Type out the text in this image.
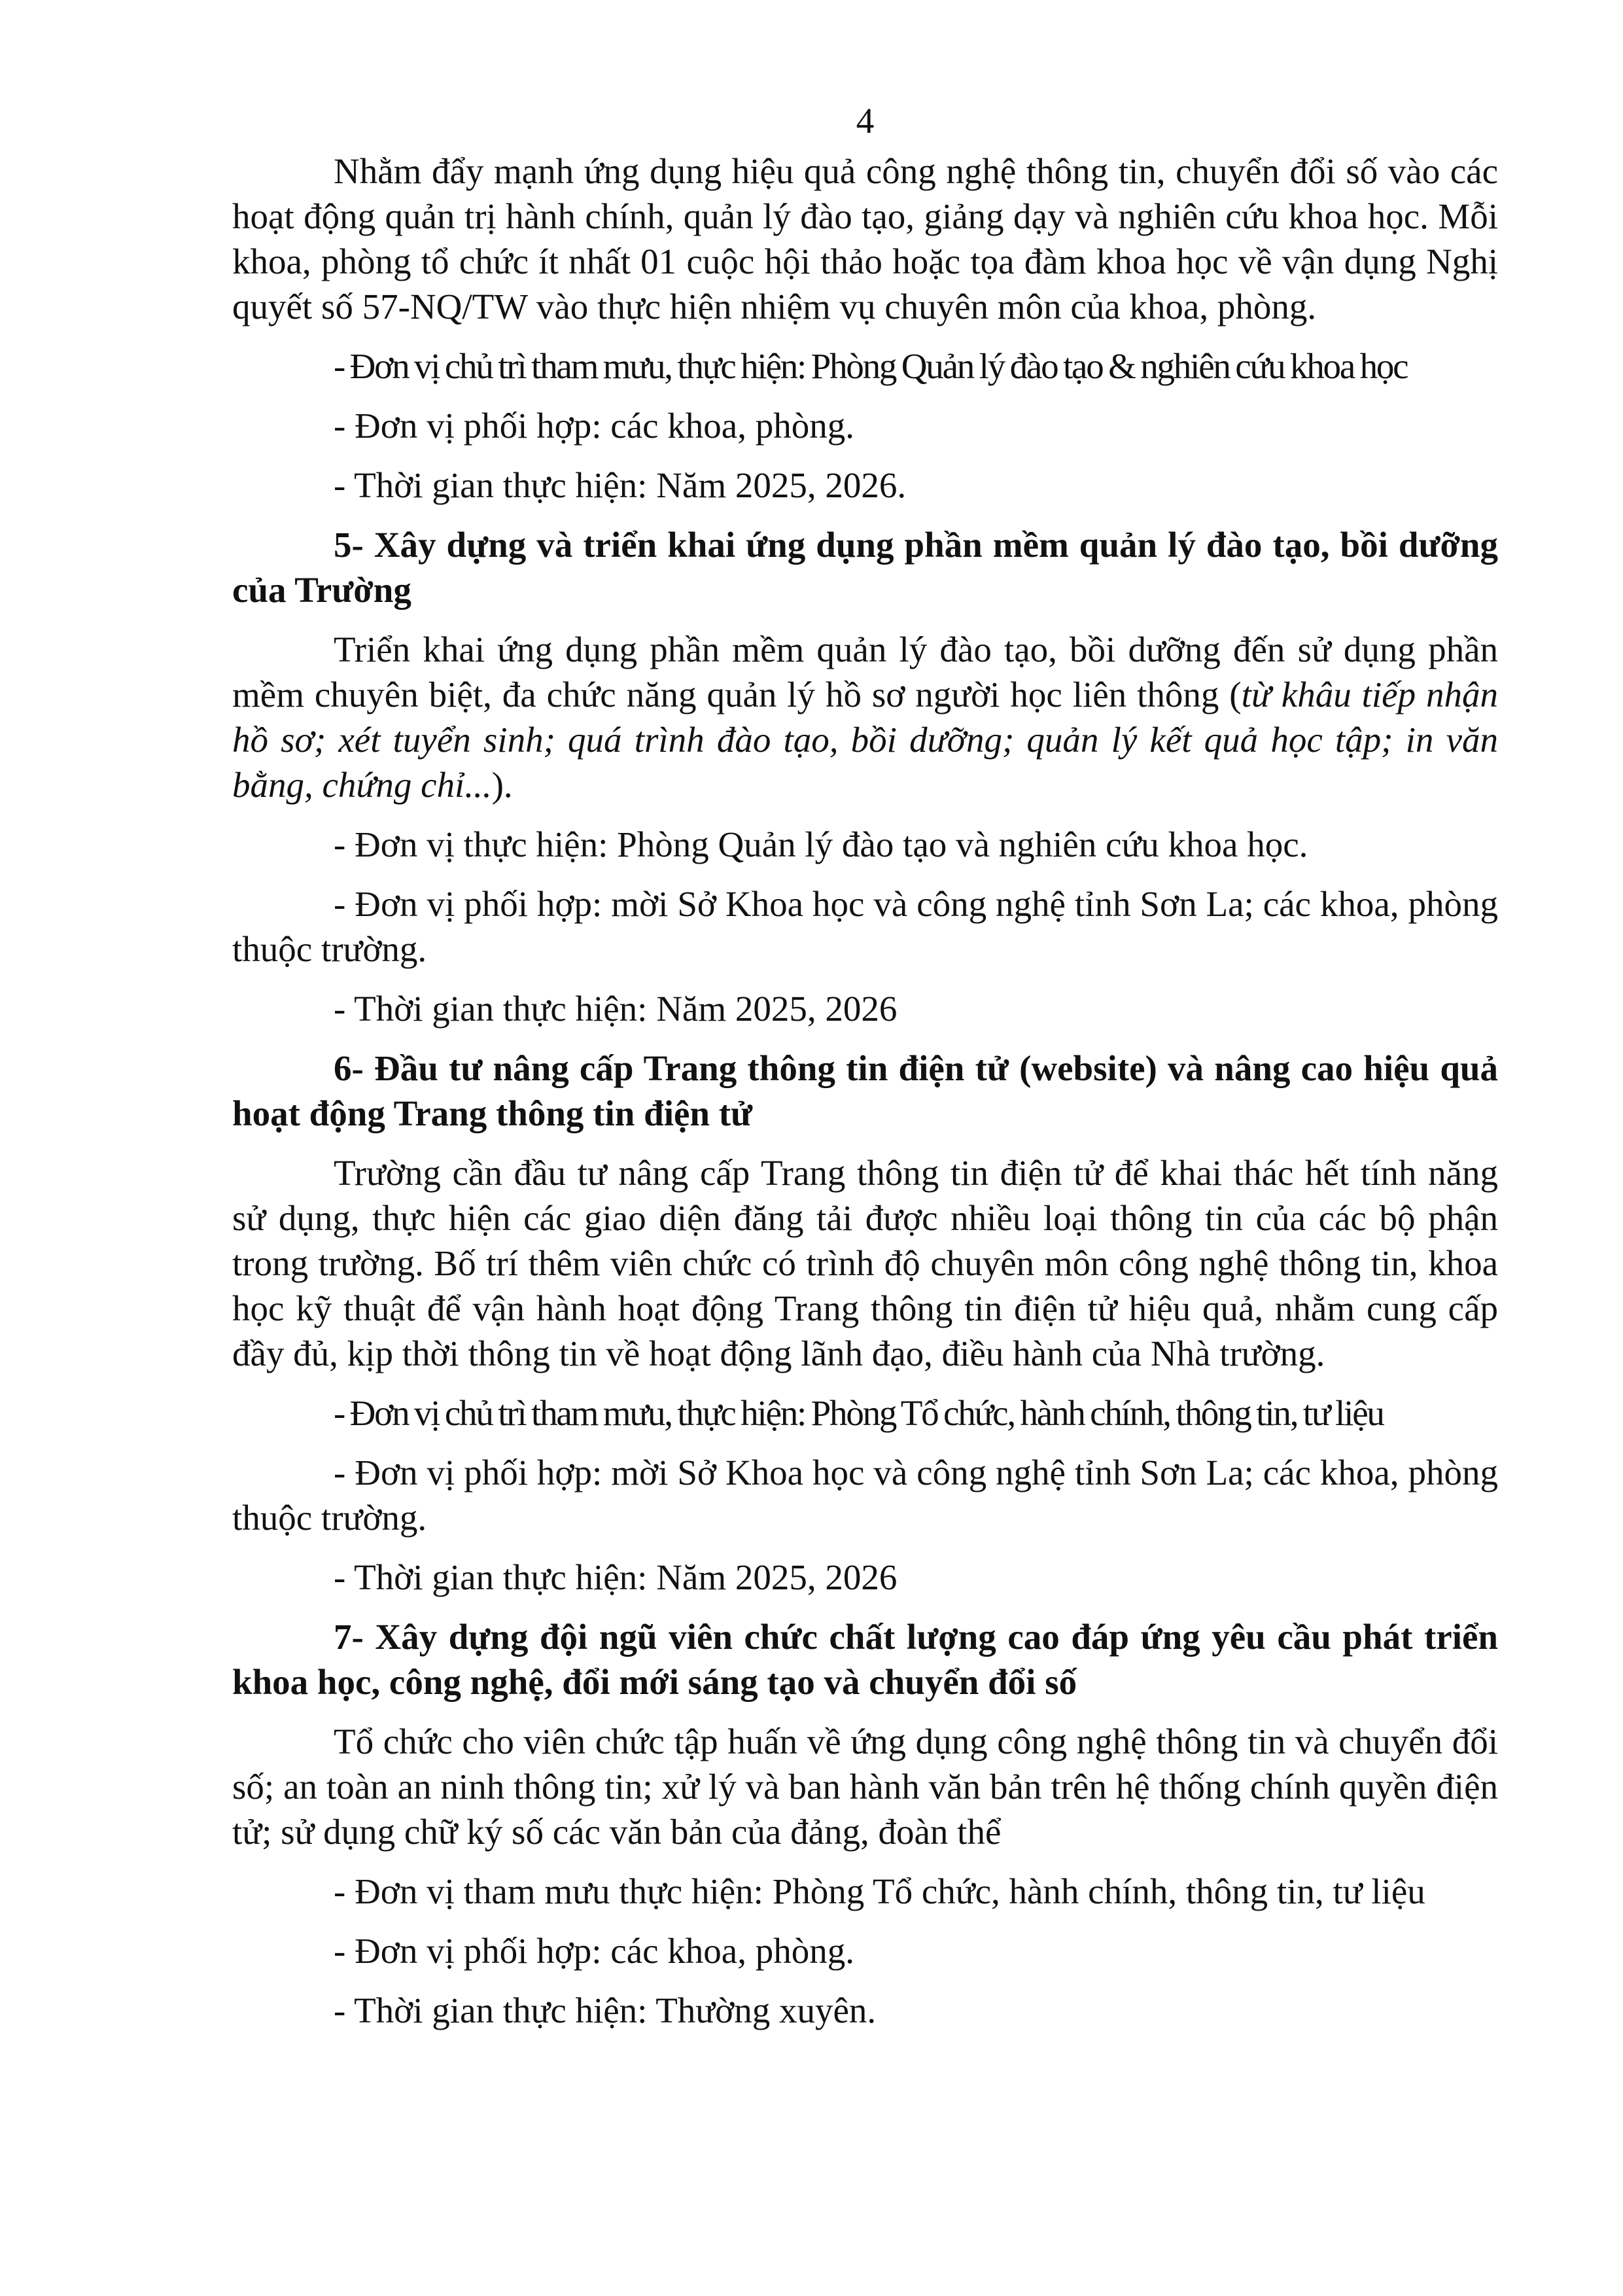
4

Nhằm đẩy mạnh ứng dụng hiệu quả công nghệ thông tin, chuyển đổi số vào các hoạt động quản trị hành chính, quản lý đào tạo, giảng dạy và nghiên cứu khoa học. Mỗi khoa, phòng tổ chức ít nhất 01 cuộc hội thảo hoặc tọa đàm khoa học về vận dụng Nghị quyết số 57-NQ/TW vào thực hiện nhiệm vụ chuyên môn của khoa, phòng.

- Đơn vị chủ trì tham mưu, thực hiện: Phòng Quản lý đào tạo & nghiên cứu khoa học

- Đơn vị phối hợp: các khoa, phòng.

- Thời gian thực hiện: Năm 2025, 2026.

5- Xây dựng và triển khai ứng dụng phần mềm quản lý đào tạo, bồi dưỡng của Trường

Triển khai ứng dụng phần mềm quản lý đào tạo, bồi dưỡng đến sử dụng phần mềm chuyên biệt, đa chức năng quản lý hồ sơ người học liên thông (từ khâu tiếp nhận hồ sơ; xét tuyển sinh; quá trình đào tạo, bồi dưỡng; quản lý kết quả học tập; in văn bằng, chứng chỉ...).

- Đơn vị thực hiện: Phòng Quản lý đào tạo và nghiên cứu khoa học.

- Đơn vị phối hợp: mời Sở Khoa học và công nghệ tỉnh Sơn La; các khoa, phòng thuộc trường.

- Thời gian thực hiện: Năm 2025, 2026

6- Đầu tư nâng cấp Trang thông tin điện tử (website) và nâng cao hiệu quả hoạt động Trang thông tin điện tử

Trường cần đầu tư nâng cấp Trang thông tin điện tử để khai thác hết tính năng sử dụng, thực hiện các giao diện đăng tải được nhiều loại thông tin của các bộ phận trong trường. Bố trí thêm viên chức có trình độ chuyên môn công nghệ thông tin, khoa học kỹ thuật để vận hành hoạt động Trang thông tin điện tử hiệu quả, nhằm cung cấp đầy đủ, kịp thời thông tin về hoạt động lãnh đạo, điều hành của Nhà trường.

- Đơn vị chủ trì tham mưu, thực hiện: Phòng Tổ chức, hành chính, thông tin, tư liệu

- Đơn vị phối hợp: mời Sở Khoa học và công nghệ tỉnh Sơn La; các khoa, phòng thuộc trường.

- Thời gian thực hiện: Năm 2025, 2026

7- Xây dựng đội ngũ viên chức chất lượng cao đáp ứng yêu cầu phát triển khoa học, công nghệ, đổi mới sáng tạo và chuyển đổi số

Tổ chức cho viên chức tập huấn về ứng dụng công nghệ thông tin và chuyển đổi số; an toàn an ninh thông tin; xử lý và ban hành văn bản trên hệ thống chính quyền điện tử; sử dụng chữ ký số các văn bản của đảng, đoàn thể

- Đơn vị tham mưu thực hiện: Phòng Tổ chức, hành chính, thông tin, tư liệu

- Đơn vị phối hợp: các khoa, phòng.

- Thời gian thực hiện: Thường xuyên.
